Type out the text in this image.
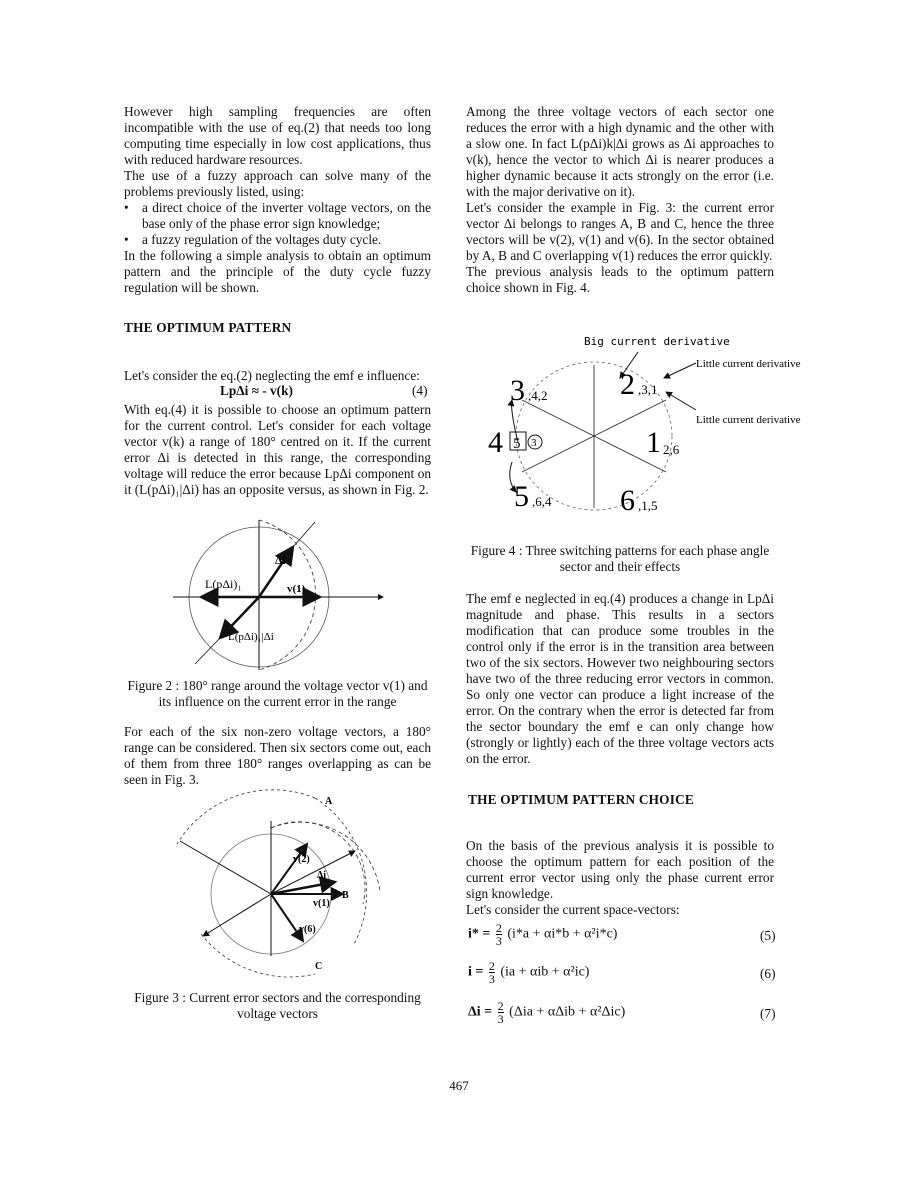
However high sampling frequencies are often incompatible with the use of eq.(2) that needs too long computing time especially in low cost applications, thus with reduced hardware resources.

The use of a fuzzy approach can solve many of the problems previously listed, using:

• a direct choice of the inverter voltage vectors, on the base only of the phase error sign knowledge;

• a fuzzy regulation of the voltages duty cycle.

In the following a simple analysis to obtain an optimum pattern and the principle of the duty cycle fuzzy regulation will be shown.

THE OPTIMUM PATTERN

Let's consider the eq.(2) neglecting the emf e influence:

LpΔi ≈ - v(k)	(4)

With eq.(4) it is possible to choose an optimum pattern for the current control. Let's consider for each voltage vector v(k) a range of 180° centred on it. If the current error Δi is detected in this range, the corresponding voltage will reduce the error because LpΔi component on it (L(pΔi)₁|Δi) has an opposite versus, as shown in Fig. 2.

Δi
L(pΔi)₁	v(1)
L(pΔi)₁|Δi
Figure 2 : 180° range around the voltage vector v(1) and its influence on the current error in the range

For each of the six non-zero voltage vectors, a 180° range can be considered. Then six sectors come out, each of them from three 180° ranges overlapping as can be seen in Fig. 3.

A
B
C
v(2)
Δi
v(1)
v(6)
Figure 3 : Current error sectors and the corresponding voltage vectors

Among the three voltage vectors of each sector one reduces the error with a high dynamic and the other with a slow one. In fact L(pΔi)k|Δi grows as Δi approaches to v(k), hence the vector to which Δi is nearer produces a higher dynamic because it acts strongly on the error (i.e. with the major derivative on it).

Let's consider the example in Fig. 3: the current error vector Δi belongs to ranges A, B and C, hence the three vectors will be v(2), v(1) and v(6). In the sector obtained by A, B and C overlapping v(1) reduces the error quickly.

The previous analysis leads to the optimum pattern choice shown in Fig. 4.

Big current derivative
Little current derivative
Little current derivative
3 ,4,2 2 ,3,1
4 5 3	1 2,6
5 ,6,4 6 ,1,5
Figure 4 : Three switching patterns for each phase angle sector and their effects

The emf e neglected in eq.(4) produces a change in LpΔi magnitude and phase. This results in a sectors modification that can produce some troubles in the control only if the error is in the transition area between two of the six sectors. However two neighbouring sectors have two of the three reducing error vectors in common. So only one vector can produce a light increase of the error. On the contrary when the error is detected far from the sector boundary the emf e can only change how (strongly or lightly) each of the three voltage vectors acts on the error.

THE OPTIMUM PATTERN CHOICE

On the basis of the previous analysis it is possible to choose the optimum pattern for each position of the current error vector using only the phase current error sign knowledge.

Let's consider the current space-vectors:

$i* = \frac{2}{3} (i*a + \alpha i*b + \alpha^2i*c)$	(5)
$i = \frac{2}{3} (ia + \alpha ib + \alpha^2ic)$	(6)
$\Delta i = \frac{2}{3} (\Delta ia + \alpha\Delta ib + \alpha^2\Delta ic)$	(7)
467
